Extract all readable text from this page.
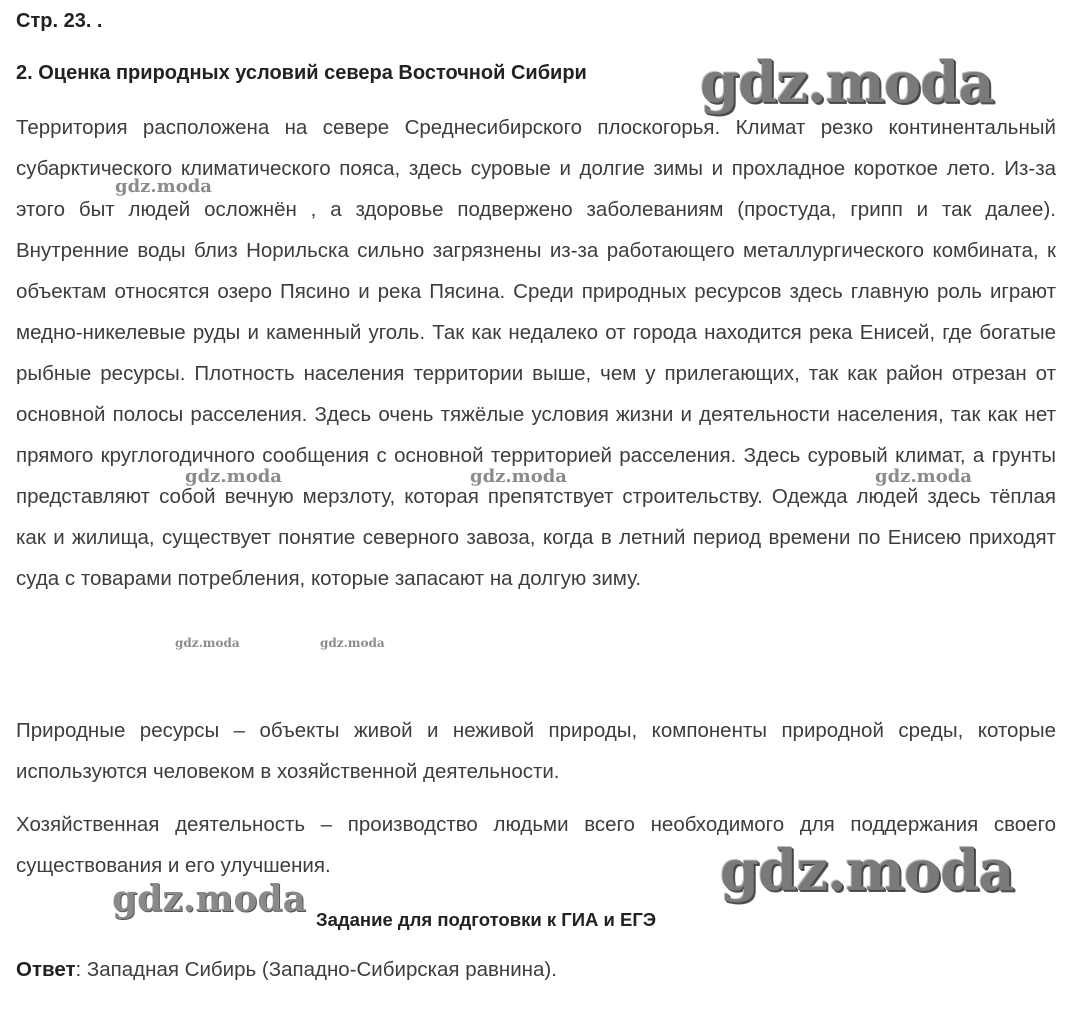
Стр. 23. .
2. Оценка природных условий севера Восточной Сибири

Территория расположена на севере Среднесибирского плоскогорья. Климат резко континентальный субарктического климатического пояса, здесь суровые и долгие зимы и прохладное короткое лето. Из-за этого быт людей осложнён , а здоровье подвержено заболеваниям (простуда, грипп и так далее). Внутренние воды близ Норильска сильно загрязнены из-за работающего металлургического комбината, к объектам относятся озеро Пясино и река Пясина. Среди природных ресурсов здесь главную роль играют медно-никелевые руды и каменный уголь. Так как недалеко от города находится река Енисей, где богатые рыбные ресурсы. Плотность населения территории выше, чем у прилегающих, так как район отрезан от основной полосы расселения. Здесь очень тяжёлые условия жизни и деятельности населения, так как нет прямого круглогодичного сообщения с основной территорией расселения. Здесь суровый климат, а грунты представляют собой вечную мерзлоту, которая препятствует строительству. Одежда людей здесь тёплая как и жилища, существует понятие северного завоза, когда в летний период времени по Енисею приходят суда с товарами потребления, которые запасают на долгую зиму.

Природные ресурсы – объекты живой и неживой природы, компоненты природной среды, которые используются человеком в хозяйственной деятельности.

Хозяйственная деятельность – производство людьми всего необходимого для поддержания своего существования и его улучшения.

Задание для подготовки к ГИА и ЕГЭ
Ответ: Западная Сибирь (Западно-Сибирская равнина).
gdz.moda
gdz.moda
gdz.moda	gdz.moda	gdz.moda
gdz.moda	gdz.moda
gdz.moda
gdz.moda
